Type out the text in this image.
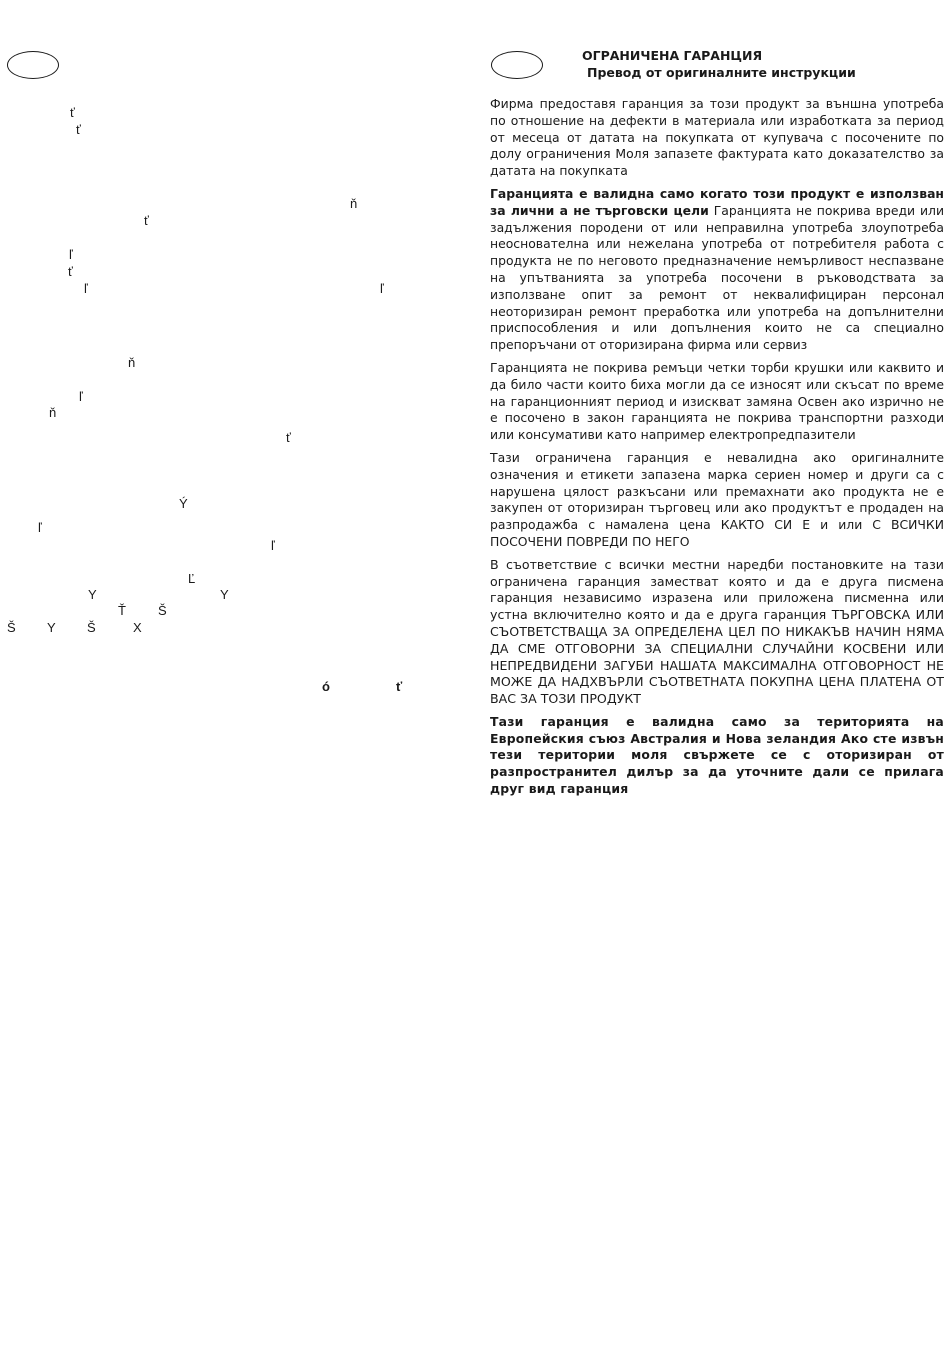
ť
ť
ň
ť
ľ
ť
ľ	ľ
ň
ľ
ň
ť
Ý
ľ
ľ
Ľ
Y	Y
Ť Š
Š Y Š	X
ó	ť
ОГРАНИЧЕНА ГАРАНЦИЯ
Превод от оригиналните инструкции

Фирма предоставя гаранция за този продукт за външна употреба по отношение на дефекти в материала или изработката за период от месеца от датата на покупката от купувача с посочените по долу ограничения Моля запазете фактурата като доказателство за датата на покупката

Гаранцията е валидна само когато този продукт е използван за лични а не търговски цели Гаранцията не покрива вреди или задължения породени от или неправилна употреба злоупотреба неоснователна или нежелана употреба от потребителя работа с продукта не по неговото предназначение немърливост неспазване на упътванията за употреба посочени в ръководствата за използване опит за ремонт от неквалифициран персонал неоторизиран ремонт преработка или употреба на допълнителни приспособления и или допълнения които не са специално препоръчани от оторизирана фирма или сервиз

Гаранцията не покрива ремъци четки торби крушки или каквито и да било части които биха могли да се износят или скъсат по време на гаранционният период и изискват замяна Освен ако изрично не е посочено в закон гаранцията не покрива транспортни разходи или консумативи като например електропредпазители

Тази ограничена гаранция е невалидна ако оригиналните означения и етикети запазена марка сериен номер и други са с нарушена цялост разкъсани или премахнати ако продукта не е закупен от оторизиран търговец или ако продуктът е продаден на разпродажба с намалена цена КАКТО СИ Е и или С ВСИЧКИ ПОСОЧЕНИ ПОВРЕДИ ПО НЕГО

В съответствие с всички местни наредби постановките на тази ограничена гаранция заместват която и да е друга писмена гаранция независимо изразена или приложена писменна или устна включително която и да е друга гаранция ТЪРГОВСКА ИЛИ СЪОТВЕТСТВАЩА ЗА ОПРЕДЕЛЕНА ЦЕЛ ПО НИКАКЪВ НАЧИН НЯМА ДА СМЕ ОТГОВОРНИ ЗА СПЕЦИАЛНИ СЛУЧАЙНИ КОСВЕНИ ИЛИ НЕПРЕДВИДЕНИ ЗАГУБИ НАШАТА МАКСИМАЛНА ОТГОВОРНОСТ НЕ МОЖЕ ДА НАДХВЪРЛИ СЪОТВЕТНАТА ПОКУПНА ЦЕНА ПЛАТЕНА ОТ ВАС ЗА ТОЗИ ПРОДУКТ

Тази гаранция е валидна само за територията на Европейския съюз Австралия и Нова зеландия Ако сте извън тези територии моля свържете се с оторизиран от разпространител дилър за да уточните дали се прилага друг вид гаранция
